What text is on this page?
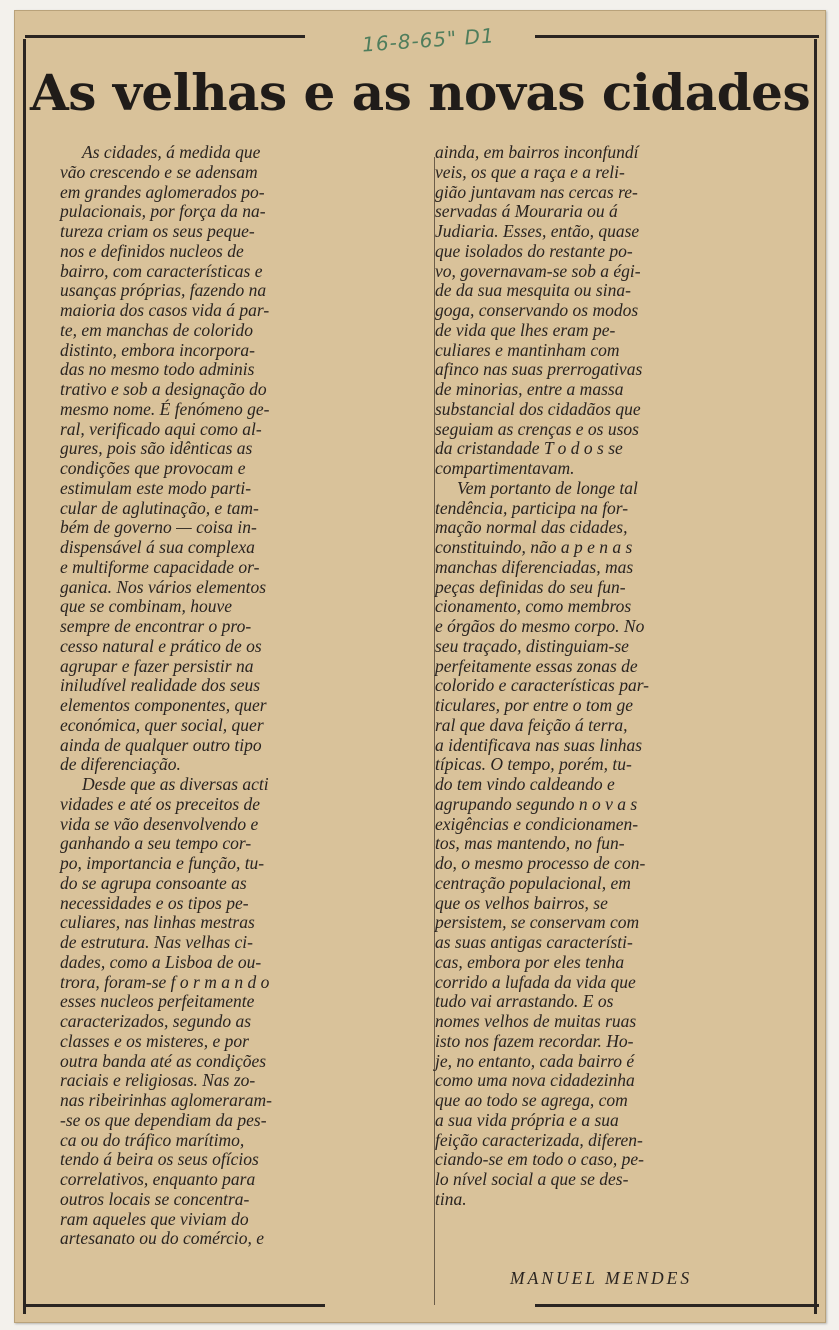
16-8-65" D1
As velhas e as novas cidades
As cidades, á medida que
vão crescendo e se adensam
em grandes aglomerados po-
pulacionais, por força da na-
tureza criam os seus peque-
nos e definidos nucleos de
bairro, com características e
usanças próprias, fazendo na
maioria dos casos vida á par-
te, em manchas de colorido
distinto, embora incorpora-
das no mesmo todo adminis
trativo e sob a designação do
mesmo nome. É fenómeno ge-
ral, verificado aqui como al-
gures, pois são idênticas as
condições que provocam e
estimulam este modo parti-
cular de aglutinação, e tam-
bém de governo — coisa in-
dispensável á sua complexa
e multiforme capacidade or-
ganica. Nos vários elementos
que se combinam, houve
sempre de encontrar o pro-
cesso natural e prático de os
agrupar e fazer persistir na
iniludível realidade dos seus
elementos componentes, quer
económica, quer social, quer
ainda de qualquer outro tipo
de diferenciação.
Desde que as diversas acti
vidades e até os preceitos de
vida se vão desenvolvendo e
ganhando a seu tempo cor-
po, importancia e função, tu-
do se agrupa consoante as
necessidades e os tipos pe-
culiares, nas linhas mestras
de estrutura. Nas velhas ci-
dades, como a Lisboa de ou-
trora, foram-se f o r m a n d o
esses nucleos perfeitamente
caracterizados, segundo as
classes e os misteres, e por
outra banda até as condições
raciais e religiosas. Nas zo-
nas ribeirinhas aglomeraram-
-se os que dependiam da pes-
ca ou do tráfico marítimo,
tendo á beira os seus ofícios
correlativos, enquanto para
outros locais se concentra-
ram aqueles que viviam do
artesanato ou do comércio, e
ainda, em bairros inconfundí
veis, os que a raça e a reli-
gião juntavam nas cercas re-
servadas á Mouraria ou á
Judiaria. Esses, então, quase
que isolados do restante po-
vo, governavam-se sob a égi-
de da sua mesquita ou sina-
goga, conservando os modos
de vida que lhes eram pe-
culiares e mantinham com
afinco nas suas prerrogativas
de minorias, entre a massa
substancial dos cidadãos que
seguiam as crenças e os usos
da cristandade T o d o s se
compartimentavam.
Vem portanto de longe tal
tendência, participa na for-
mação normal das cidades,
constituindo, não a p e n a s
manchas diferenciadas, mas
peças definidas do seu fun-
cionamento, como membros
e órgãos do mesmo corpo. No
seu traçado, distinguiam-se
perfeitamente essas zonas de
colorido e características par-
ticulares, por entre o tom ge
ral que dava feição á terra,
a identificava nas suas linhas
típicas. O tempo, porém, tu-
do tem vindo caldeando e
agrupando segundo n o v a s
exigências e condicionamen-
tos, mas mantendo, no fun-
do, o mesmo processo de con-
centração populacional, em
que os velhos bairros, se
persistem, se conservam com
as suas antigas característi-
cas, embora por eles tenha
corrido a lufada da vida que
tudo vai arrastando. E os
nomes velhos de muitas ruas
isto nos fazem recordar. Ho-
je, no entanto, cada bairro é
como uma nova cidadezinha
que ao todo se agrega, com
a sua vida própria e a sua
feição caracterizada, diferen-
ciando-se em todo o caso, pe-
lo nível social a que se des-
tina.
MANUEL MENDES
